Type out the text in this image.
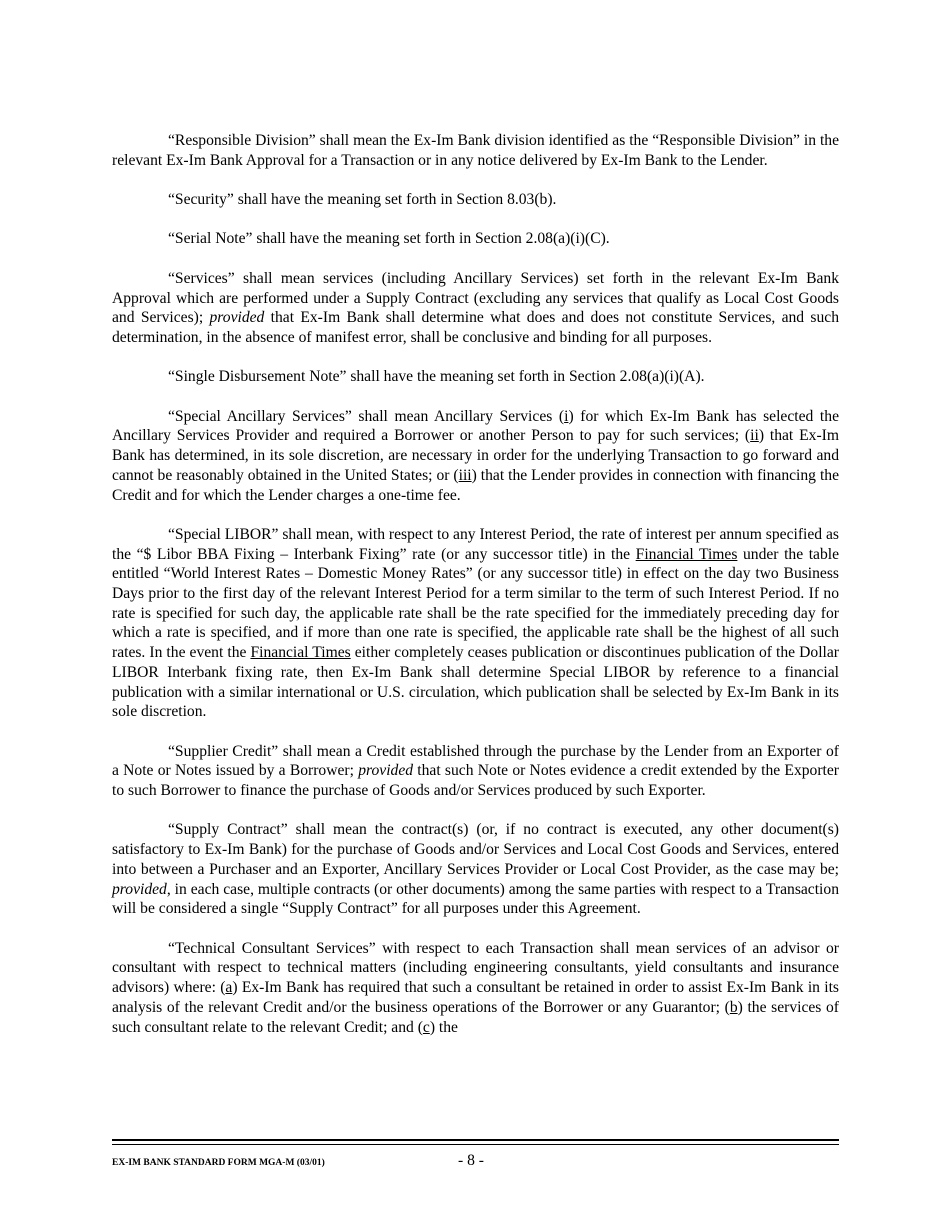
“Responsible Division” shall mean the Ex-Im Bank division identified as the “Responsible Division” in the relevant Ex-Im Bank Approval for a Transaction or in any notice delivered by Ex-Im Bank to the Lender.

“Security” shall have the meaning set forth in Section 8.03(b).

“Serial Note” shall have the meaning set forth in Section 2.08(a)(i)(C).

“Services” shall mean services (including Ancillary Services) set forth in the relevant Ex-Im Bank Approval which are performed under a Supply Contract (excluding any services that qualify as Local Cost Goods and Services); provided that Ex-Im Bank shall determine what does and does not constitute Services, and such determination, in the absence of manifest error, shall be conclusive and binding for all purposes.

“Single Disbursement Note” shall have the meaning set forth in Section 2.08(a)(i)(A).

“Special Ancillary Services” shall mean Ancillary Services (i) for which Ex-Im Bank has selected the Ancillary Services Provider and required a Borrower or another Person to pay for such services; (ii) that Ex-Im Bank has determined, in its sole discretion, are necessary in order for the underlying Transaction to go forward and cannot be reasonably obtained in the United States; or (iii) that the Lender provides in connection with financing the Credit and for which the Lender charges a one-time fee.

“Special LIBOR” shall mean, with respect to any Interest Period, the rate of interest per annum specified as the “$ Libor BBA Fixing – Interbank Fixing” rate (or any successor title) in the Financial Times under the table entitled “World Interest Rates – Domestic Money Rates” (or any successor title) in effect on the day two Business Days prior to the first day of the relevant Interest Period for a term similar to the term of such Interest Period. If no rate is specified for such day, the applicable rate shall be the rate specified for the immediately preceding day for which a rate is specified, and if more than one rate is specified, the applicable rate shall be the highest of all such rates. In the event the Financial Times either completely ceases publication or discontinues publication of the Dollar LIBOR Interbank fixing rate, then Ex-Im Bank shall determine Special LIBOR by reference to a financial publication with a similar international or U.S. circulation, which publication shall be selected by Ex-Im Bank in its sole discretion.

“Supplier Credit” shall mean a Credit established through the purchase by the Lender from an Exporter of a Note or Notes issued by a Borrower; provided that such Note or Notes evidence a credit extended by the Exporter to such Borrower to finance the purchase of Goods and/or Services produced by such Exporter.

“Supply Contract” shall mean the contract(s) (or, if no contract is executed, any other document(s) satisfactory to Ex-Im Bank) for the purchase of Goods and/or Services and Local Cost Goods and Services, entered into between a Purchaser and an Exporter, Ancillary Services Provider or Local Cost Provider, as the case may be; provided, in each case, multiple contracts (or other documents) among the same parties with respect to a Transaction will be considered a single “Supply Contract” for all purposes under this Agreement.

“Technical Consultant Services” with respect to each Transaction shall mean services of an advisor or consultant with respect to technical matters (including engineering consultants, yield consultants and insurance advisors) where: (a) Ex-Im Bank has required that such a consultant be retained in order to assist Ex-Im Bank in its analysis of the relevant Credit and/or the business operations of the Borrower or any Guarantor; (b) the services of such consultant relate to the relevant Credit; and (c) the

EX-IM BANK STANDARD FORM MGA-M (03/01)	- 8 -
